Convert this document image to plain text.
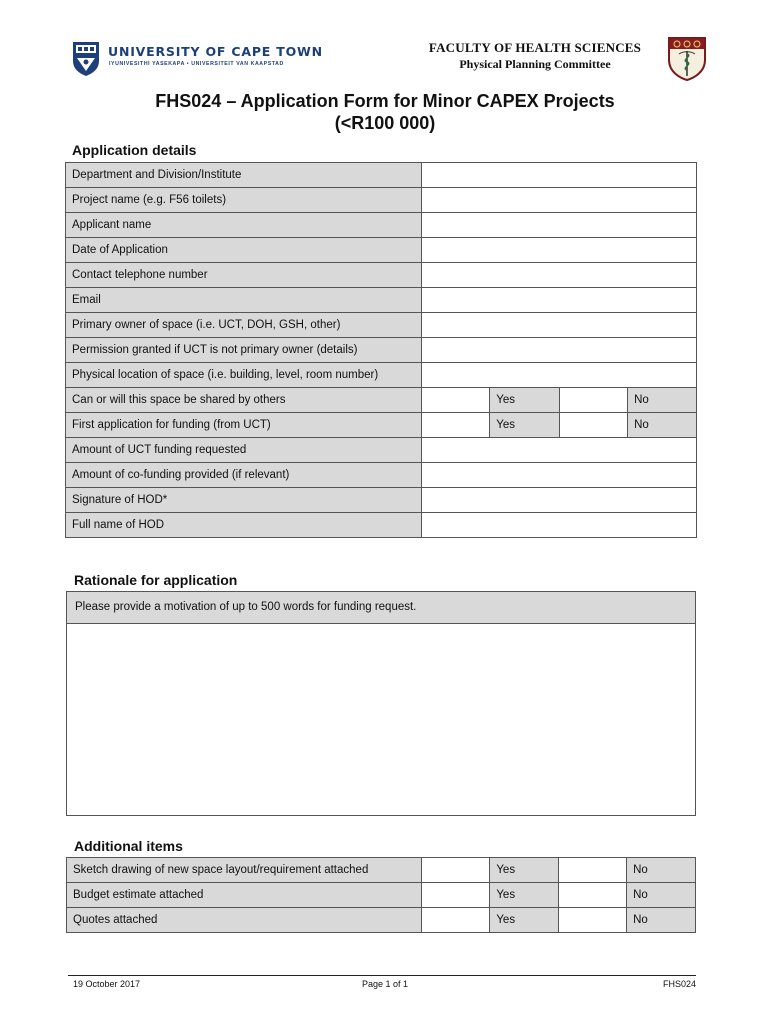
UNIVERSITY OF CAPE TOWN
IYUNIVESITHI YASEKAPA • UNIVERSITEIT VAN KAAPSTAD
FACULTY OF HEALTH SCIENCES
Physical Planning Committee
FHS024 – Application Form for Minor CAPEX Projects
(<R100 000)
Application details
Department and Division/Institute				
Project name (e.g. F56 toilets)				
Applicant name				
Date of Application				
Contact telephone number				
Email				
Primary owner of space (i.e. UCT, DOH, GSH, other)				
Permission granted if UCT is not primary owner (details)				
Physical location of space (i.e. building, level, room number)				
Can or will this space be shared by others		Yes		No
First application for funding (from UCT)		Yes		No
Amount of UCT funding requested				
Amount of co-funding provided (if relevant)				
Signature of HOD*				
Full name of HOD				
Rationale for application
Please provide a motivation of up to 500 words for funding request.
Additional items
Sketch drawing of new space layout/requirement attached		Yes		No
Budget estimate attached		Yes		No
Quotes attached		Yes		No
19 October 2017	Page 1 of 1	FHS024
